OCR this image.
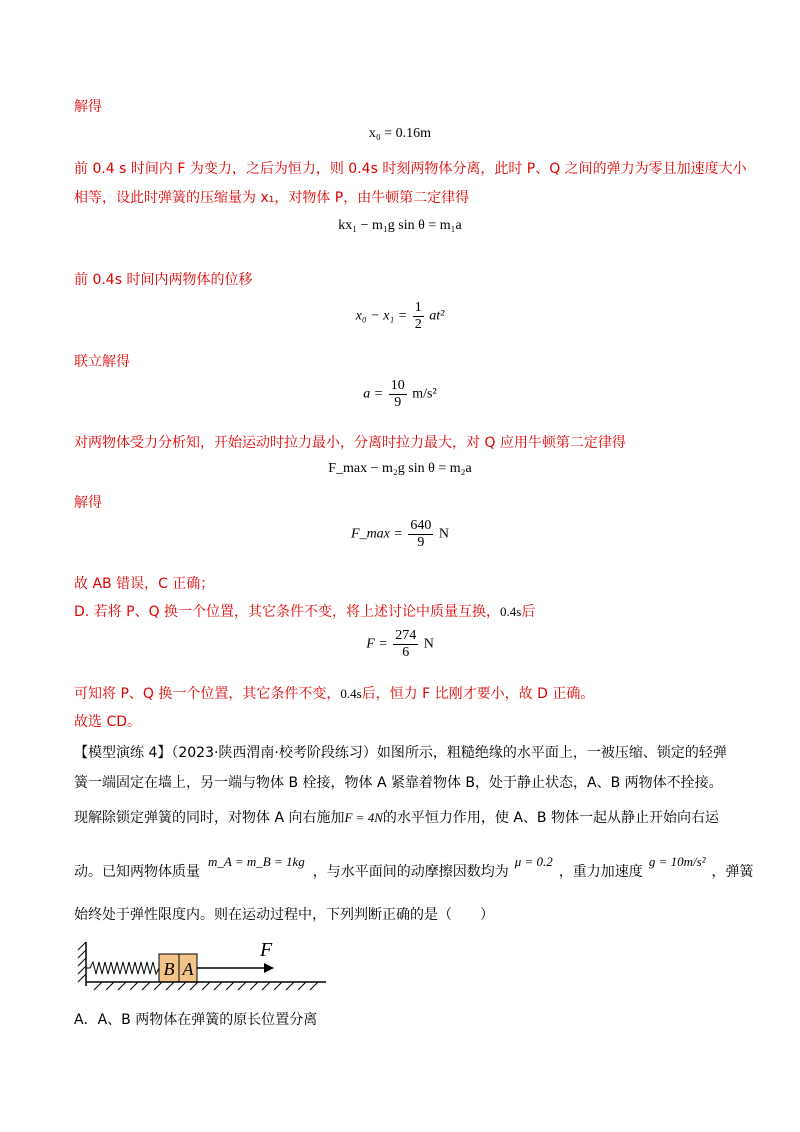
解得
x₀ = 0.16m
前 0.4 s 时间内 F 为变力，之后为恒力，则 0.4s 时刻两物体分离，此时 P、Q 之间的弹力为零且加速度大小
相等，设此时弹簧的压缩量为 x₁，对物体 P，由牛顿第二定律得
kx₁ − m₁g sin θ = m₁a
前 0.4s 时间内两物体的位移
$x_0 - x_1 = \frac{1}{2} at^2$
联立解得
$a = \frac{10}{9} m/s^2$
对两物体受力分析知，开始运动时拉力最小，分离时拉力最大，对 Q 应用牛顿第二定律得
F_max − m₂g sin θ = m₂a
解得
F_max = $\frac{640}{9}$ N
故 AB 错误，C 正确；
D. 若将 P、Q 换一个位置，其它条件不变，将上述讨论中质量互换，0.4s后
$F = \frac{274}{6}$ N
可知将 P、Q 换一个位置，其它条件不变，0.4s后，恒力 F 比刚才要小，故 D 正确。
故选 CD。
【模型演练 4】（2023·陕西渭南·校考阶段练习）如图所示，粗糙绝缘的水平面上，一被压缩、锁定的轻弹
簧一端固定在墙上，另一端与物体 B 栓接，物体 A 紧靠着物体 B，处于静止状态，A、B 两物体不拴接。
现解除锁定弹簧的同时，对物体 A 向右施加F = 4N的水平恒力作用，使 A、B 物体一起从静止开始向右运
动。已知两物体质量m_A = m_B = 1kg，与水平面间的动摩擦因数均为μ = 0.2，重力加速度g = 10m/s²，弹簧
始终处于弹性限度内。则在运动过程中，下列判断正确的是（　　）
B A
F
A．A、B 两物体在弹簧的原长位置分离
